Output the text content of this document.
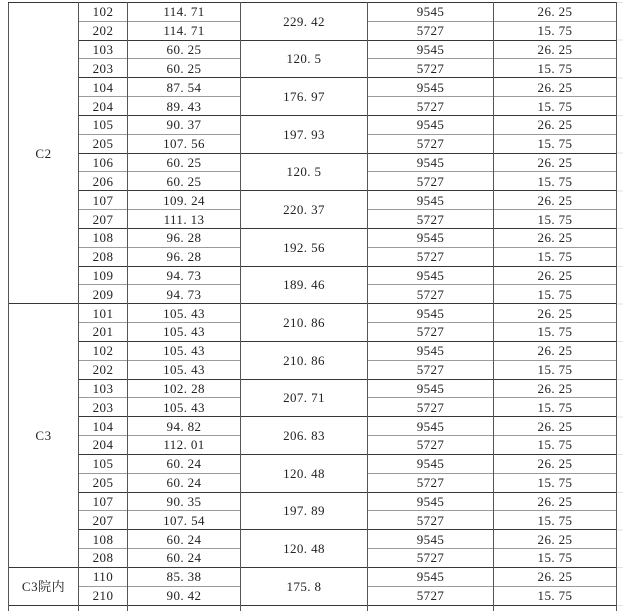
C2	102	114. 71	229. 42	9545	26. 25
	202	114. 71		5727	15. 75
	103	60. 25	120. 5	9545	26. 25
	203	60. 25		5727	15. 75
	104	87. 54	176. 97	9545	26. 25
	204	89. 43		5727	15. 75
	105	90. 37	197. 93	9545	26. 25
	205	107. 56		5727	15. 75
	106	60. 25	120. 5	9545	26. 25
	206	60. 25		5727	15. 75
	107	109. 24	220. 37	9545	26. 25
	207	111. 13		5727	15. 75
	108	96. 28	192. 56	9545	26. 25
	208	96. 28		5727	15. 75
	109	94. 73	189. 46	9545	26. 25
	209	94. 73		5727	15. 75
C3	101	105. 43	210. 86	9545	26. 25
	201	105. 43		5727	15. 75
	102	105. 43	210. 86	9545	26. 25
	202	105. 43		5727	15. 75
	103	102. 28	207. 71	9545	26. 25
	203	105. 43		5727	15. 75
	104	94. 82	206. 83	9545	26. 25
	204	112. 01		5727	15. 75
	105	60. 24	120. 48	9545	26. 25
	205	60. 24		5727	15. 75
	107	90. 35	197. 89	9545	26. 25
	207	107. 54		5727	15. 75
	108	60. 24	120. 48	9545	26. 25
	208	60. 24		5727	15. 75
C3院内	110	85. 38	175. 8	9545	26. 25
	210	90. 42		5727	15. 75
